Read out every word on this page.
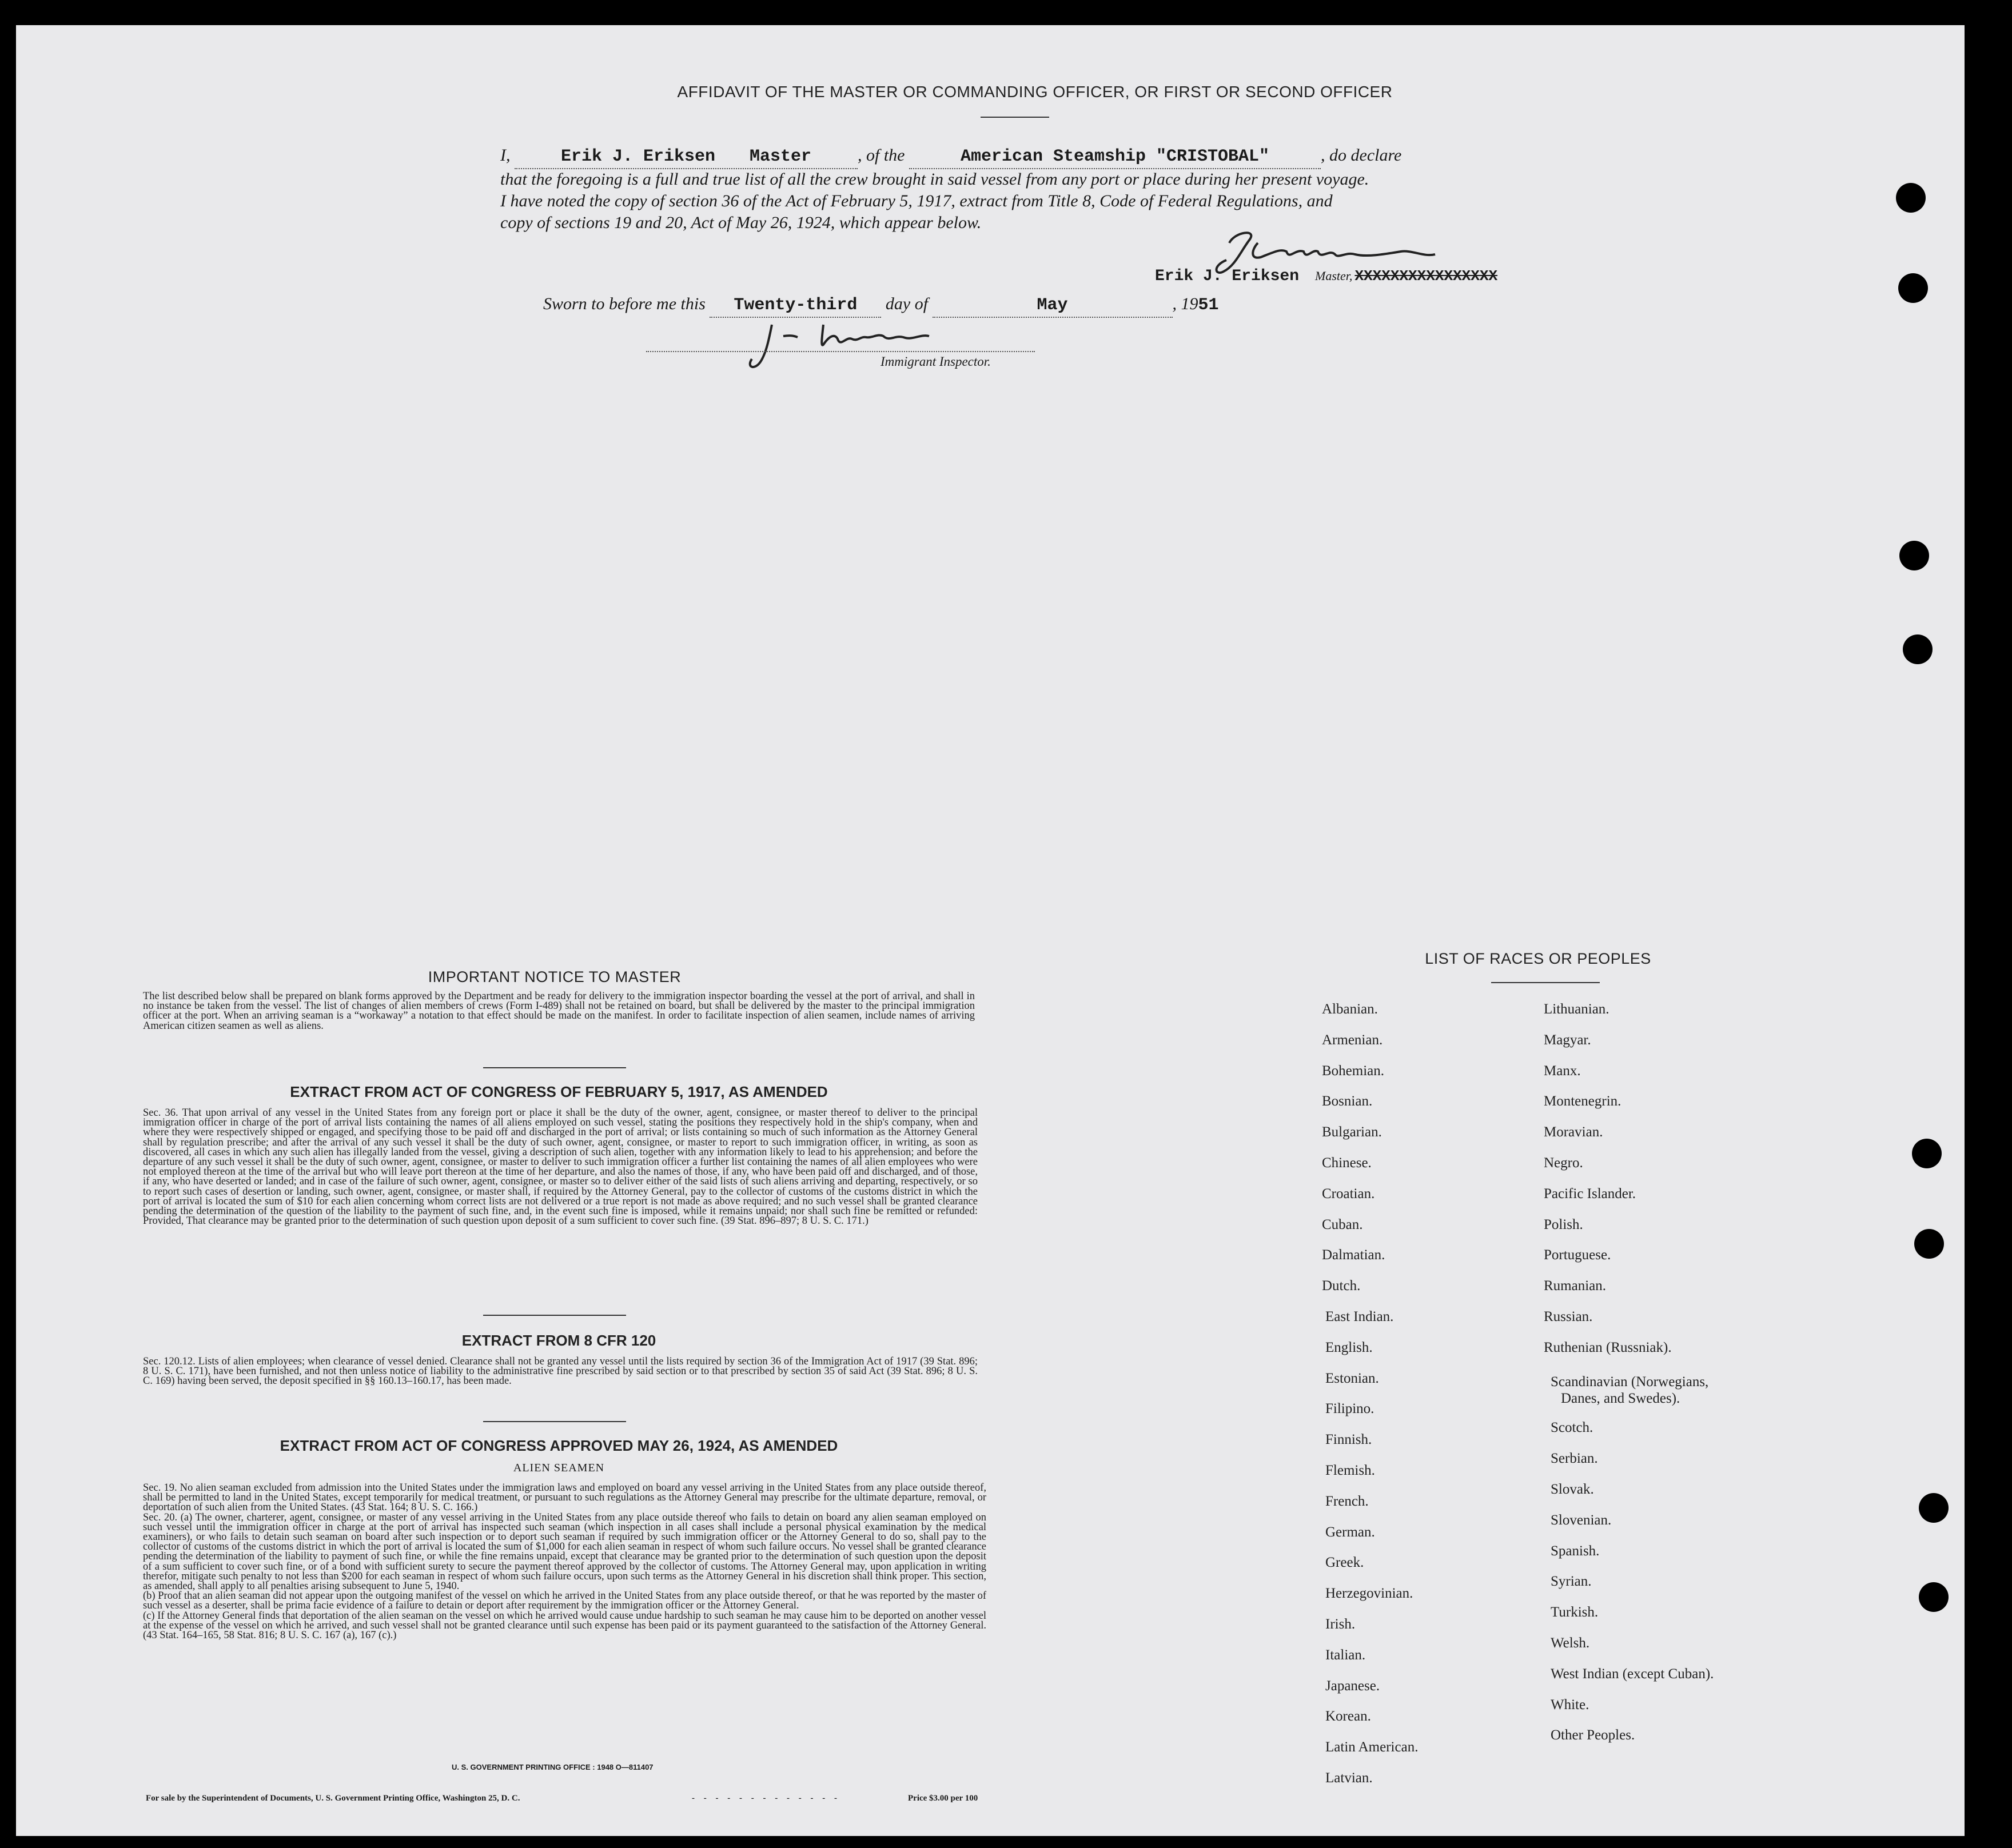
AFFIDAVIT OF THE MASTER OR COMMANDING OFFICER, OR FIRST OR SECOND OFFICER
I,	Erik J. Eriksen Master	, of the	American Steamship "CRISTOBAL"	, do declare
that the foregoing is a full and true list of all the crew brought in said vessel from any port or place during her present voyage.
I have noted the copy of section 36 of the Act of February 5, 1917, extract from Title 8, Code of Federal Regulations, and
copy of sections 19 and 20, Act of May 26, 1924, which appear below.
Erik J. Eriksen Master, XXXXXXXXXXXXXXXX
Sworn to before me this Twenty-third day of	May	, 1951
Immigrant Inspector.
IMPORTANT NOTICE TO MASTER
The list described below shall be prepared on blank forms approved by the Department and be ready for delivery to the immigration inspector boarding the vessel at the port of arrival, and shall in no instance be taken from the vessel. The list of changes of alien members of crews (Form I-489) shall not be retained on board, but shall be delivered by the master to the principal immigration officer at the port. When an arriving seaman is a “workaway” a notation to that effect should be made on the manifest. In order to facilitate inspection of alien seamen, include names of arriving American citizen seamen as well as aliens.
EXTRACT FROM ACT OF CONGRESS OF FEBRUARY 5, 1917, AS AMENDED
Sec. 36. That upon arrival of any vessel in the United States from any foreign port or place it shall be the duty of the owner, agent, consignee, or master thereof to deliver to the principal immigration officer in charge of the port of arrival lists containing the names of all aliens employed on such vessel, stating the positions they respectively hold in the ship's company, when and where they were respectively shipped or engaged, and specifying those to be paid off and discharged in the port of arrival; or lists containing so much of such information as the Attorney General shall by regulation prescribe; and after the arrival of any such vessel it shall be the duty of such owner, agent, consignee, or master to report to such immigration officer, in writing, as soon as discovered, all cases in which any such alien has illegally landed from the vessel, giving a description of such alien, together with any information likely to lead to his apprehension; and before the departure of any such vessel it shall be the duty of such owner, agent, consignee, or master to deliver to such immigration officer a further list containing the names of all alien employees who were not employed thereon at the time of the arrival but who will leave port thereon at the time of her departure, and also the names of those, if any, who have been paid off and discharged, and of those, if any, who have deserted or landed; and in case of the failure of such owner, agent, consignee, or master so to deliver either of the said lists of such aliens arriving and departing, respectively, or so to report such cases of desertion or landing, such owner, agent, consignee, or master shall, if required by the Attorney General, pay to the collector of customs of the customs district in which the port of arrival is located the sum of $10 for each alien concerning whom correct lists are not delivered or a true report is not made as above required; and no such vessel shall be granted clearance pending the determination of the question of the liability to the payment of such fine, and, in the event such fine is imposed, while it remains unpaid; nor shall such fine be remitted or refunded: Provided, That clearance may be granted prior to the determination of such question upon deposit of a sum sufficient to cover such fine. (39 Stat. 896–897; 8 U. S. C. 171.)
EXTRACT FROM 8 CFR 120
Sec. 120.12. Lists of alien employees; when clearance of vessel denied. Clearance shall not be granted any vessel until the lists required by section 36 of the Immigration Act of 1917 (39 Stat. 896; 8 U. S. C. 171), have been furnished, and not then unless notice of liability to the administrative fine prescribed by said section or to that prescribed by section 35 of said Act (39 Stat. 896; 8 U. S. C. 169) having been served, the deposit specified in §§ 160.13–160.17, has been made.
EXTRACT FROM ACT OF CONGRESS APPROVED MAY 26, 1924, AS AMENDED
ALIEN SEAMEN
Sec. 19. No alien seaman excluded from admission into the United States under the immigration laws and employed on board any vessel arriving in the United States from any place outside thereof, shall be permitted to land in the United States, except temporarily for medical treatment, or pursuant to such regulations as the Attorney General may prescribe for the ultimate departure, removal, or deportation of such alien from the United States. (43 Stat. 164; 8 U. S. C. 166.)
Sec. 20. (a) The owner, charterer, agent, consignee, or master of any vessel arriving in the United States from any place outside thereof who fails to detain on board any alien seaman employed on such vessel until the immigration officer in charge at the port of arrival has inspected such seaman (which inspection in all cases shall include a personal physical examination by the medical examiners), or who fails to detain such seaman on board after such inspection or to deport such seaman if required by such immigration officer or the Attorney General to do so, shall pay to the collector of customs of the customs district in which the port of arrival is located the sum of $1,000 for each alien seaman in respect of whom such failure occurs. No vessel shall be granted clearance pending the determination of the liability to payment of such fine, or while the fine remains unpaid, except that clearance may be granted prior to the determination of such question upon the deposit of a sum sufficient to cover such fine, or of a bond with sufficient surety to secure the payment thereof approved by the collector of customs. The Attorney General may, upon application in writing therefor, mitigate such penalty to not less than $200 for each seaman in respect of whom such failure occurs, upon such terms as the Attorney General in his discretion shall think proper. This section, as amended, shall apply to all penalties arising subsequent to June 5, 1940.
(b) Proof that an alien seaman did not appear upon the outgoing manifest of the vessel on which he arrived in the United States from any place outside thereof, or that he was reported by the master of such vessel as a deserter, shall be prima facie evidence of a failure to detain or deport after requirement by the immigration officer or the Attorney General.
(c) If the Attorney General finds that deportation of the alien seaman on the vessel on which he arrived would cause undue hardship to such seaman he may cause him to be deported on another vessel at the expense of the vessel on which he arrived, and such vessel shall not be granted clearance until such expense has been paid or its payment guaranteed to the satisfaction of the Attorney General. (43 Stat. 164–165, 58 Stat. 816; 8 U. S. C. 167 (a), 167 (c).)
U. S. GOVERNMENT PRINTING OFFICE : 1948 O—811407
For sale by the Superintendent of Documents, U. S. Government Printing Office, Washington 25, D. C.	- - - - - - - - - - - - -	Price $3.00 per 100
LIST OF RACES OR PEOPLES
Albanian.
Armenian.
Bohemian.
Bosnian.
Bulgarian.
Chinese.
Croatian.
Cuban.
Dalmatian.
Dutch.
East Indian.
English.
Estonian.
Filipino.
Finnish.
Flemish.
French.
German.
Greek.
Herzegovinian.
Irish.
Italian.
Japanese.
Korean.
Latin American.
Latvian.
Lithuanian.
Magyar.
Manx.
Montenegrin.
Moravian.
Negro.
Pacific Islander.
Polish.
Portuguese.
Rumanian.
Russian.
Ruthenian (Russniak).
Scandinavian (Norwegians,
Danes, and Swedes).
Scotch.
Serbian.
Slovak.
Slovenian.
Spanish.
Syrian.
Turkish.
Welsh.
West Indian (except Cuban).
White.
Other Peoples.
